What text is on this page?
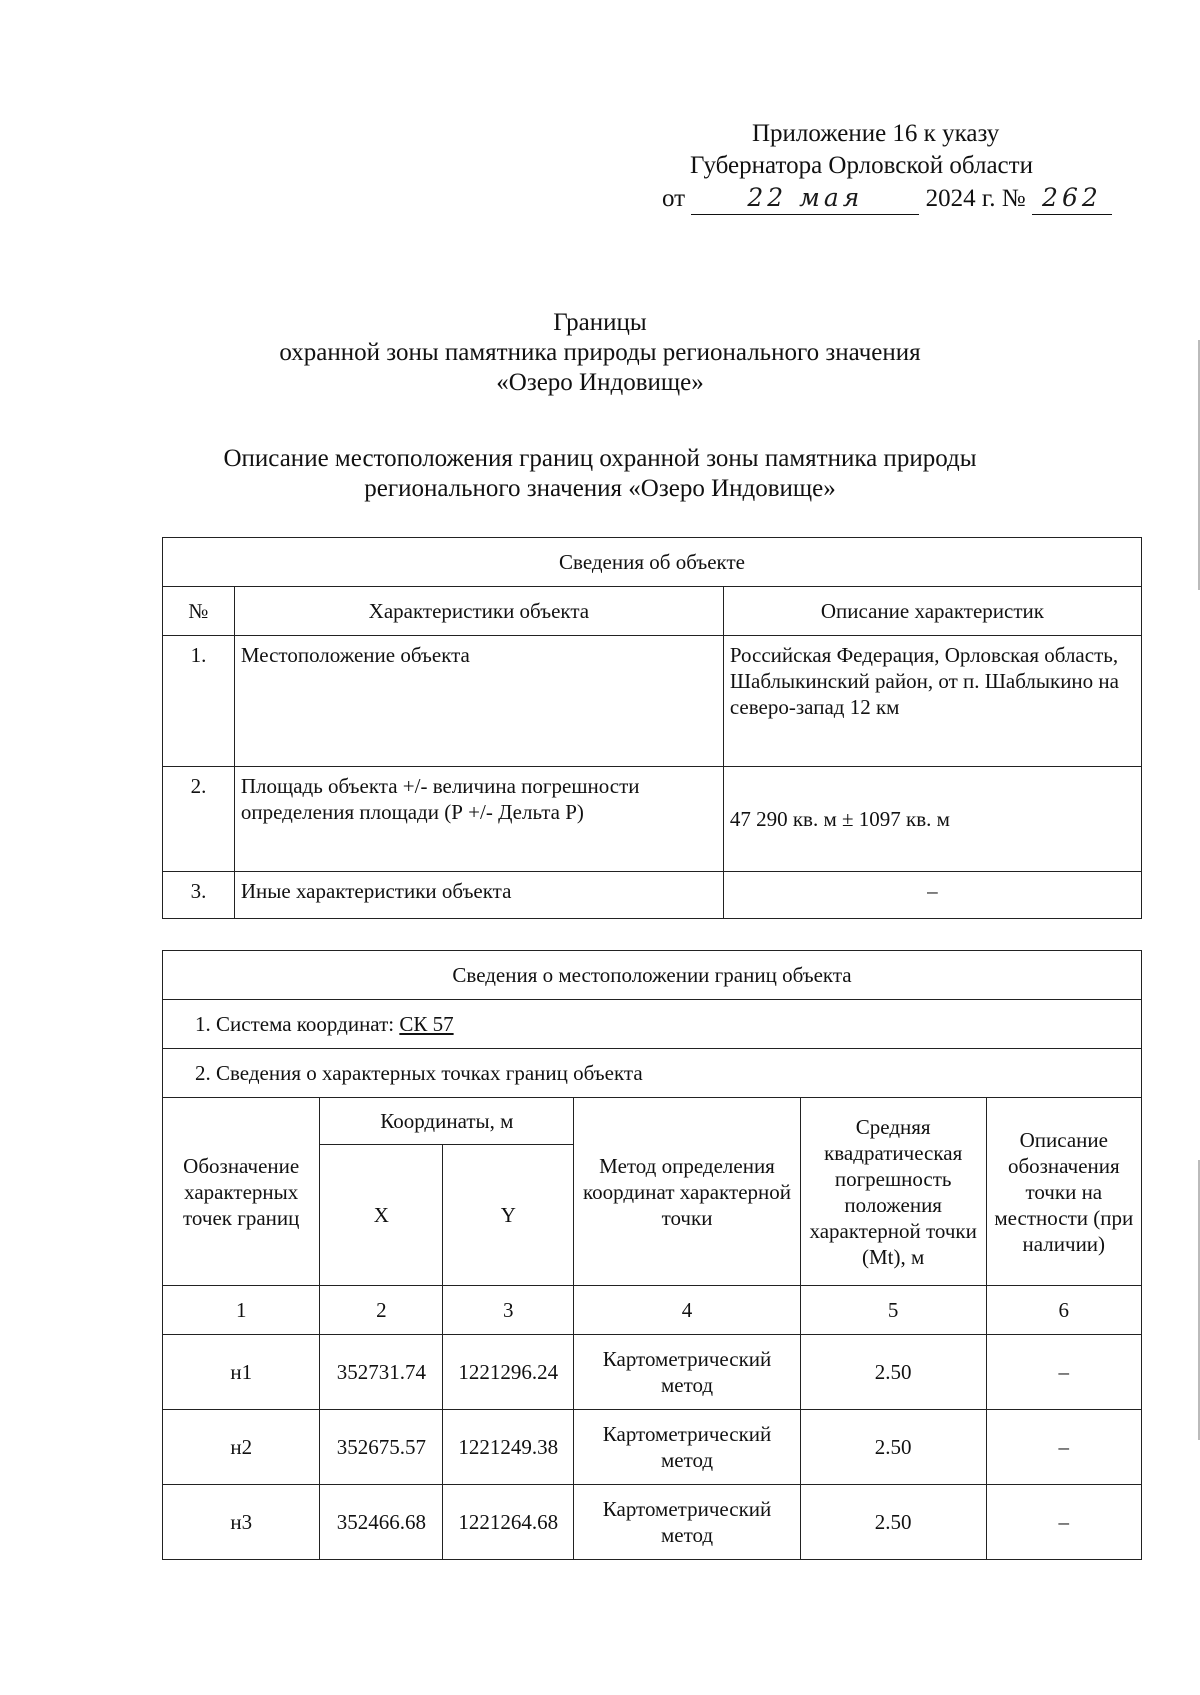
Приложение 16 к указу
Губернатора Орловской области
от 22 мая 2024 г. № 262
Границы
охранной зоны памятника природы регионального значения
«Озеро Индовище»
Описание местоположения границ охранной зоны памятника природы
регионального значения «Озеро Индовище»
Сведения об объекте		
№	Характеристики объекта	Описание характеристик
1.	Местоположение объекта	Российская Федерация, Орловская область, Шаблыкинский район, от п. Шаблыкино на северо-запад 12 км
2.	Площадь объекта +/- величина погрешности определения площади (Р +/- Дельта Р)	47 290 кв. м ± 1097 кв. м
3.	Иные характеристики объекта	–
Сведения о местоположении границ объекта					
1. Система координат: СК 57					
2. Сведения о характерных точках границ объекта					
Обозначение характерных точек границ	Координаты, м		Метод определения координат характерной точки	Средняя квадратическая погрешность положения характерной точки (Mt), м	Описание обозначения точки на местности (при наличии)
	X	Y			
1	2	3	4	5	6
н1	352731.74	1221296.24	Картометрический метод	2.50	–
н2	352675.57	1221249.38	Картометрический метод	2.50	–
н3	352466.68	1221264.68	Картометрический метод	2.50	–
